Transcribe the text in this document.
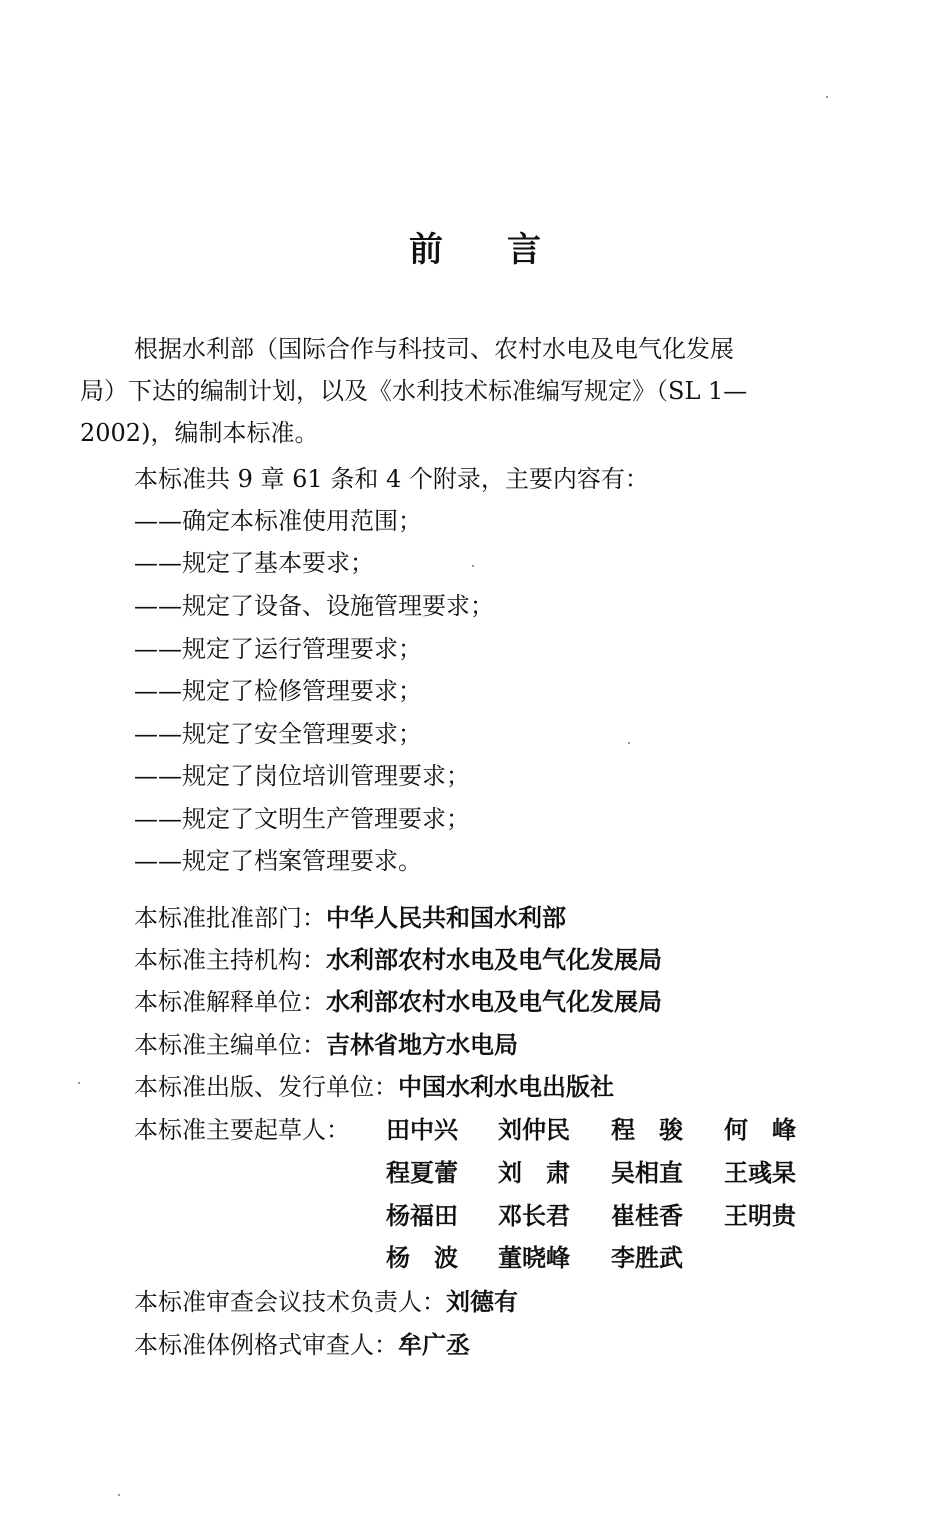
前 言
根据水利部（国际合作与科技司、农村水电及电气化发展
局）下达的编制计划，以及《水利技术标准编写规定》（SL 1—
2002)，编制本标准。
本标准共 9 章 61 条和 4 个附录，主要内容有：
——确定本标准使用范围；
——规定了基本要求；
——规定了设备、设施管理要求；
——规定了运行管理要求；
——规定了检修管理要求；
——规定了安全管理要求；
——规定了岗位培训管理要求；
——规定了文明生产管理要求；
——规定了档案管理要求。
本标准批准部门：中华人民共和国水利部
本标准主持机构：水利部农村水电及电气化发展局
本标准解释单位：水利部农村水电及电气化发展局
本标准主编单位：吉林省地方水电局
本标准出版、发行单位：中国水利水电出版社
本标准主要起草人： 田中兴 刘仲民 程　骏 何　峰
程夏蕾 刘　肃 吴相直 王彧杲
杨福田 邓长君 崔桂香 王明贵
杨　波 董晓峰 李胜武
本标准审查会议技术负责人：刘德有
本标准体例格式审查人：牟广丞
